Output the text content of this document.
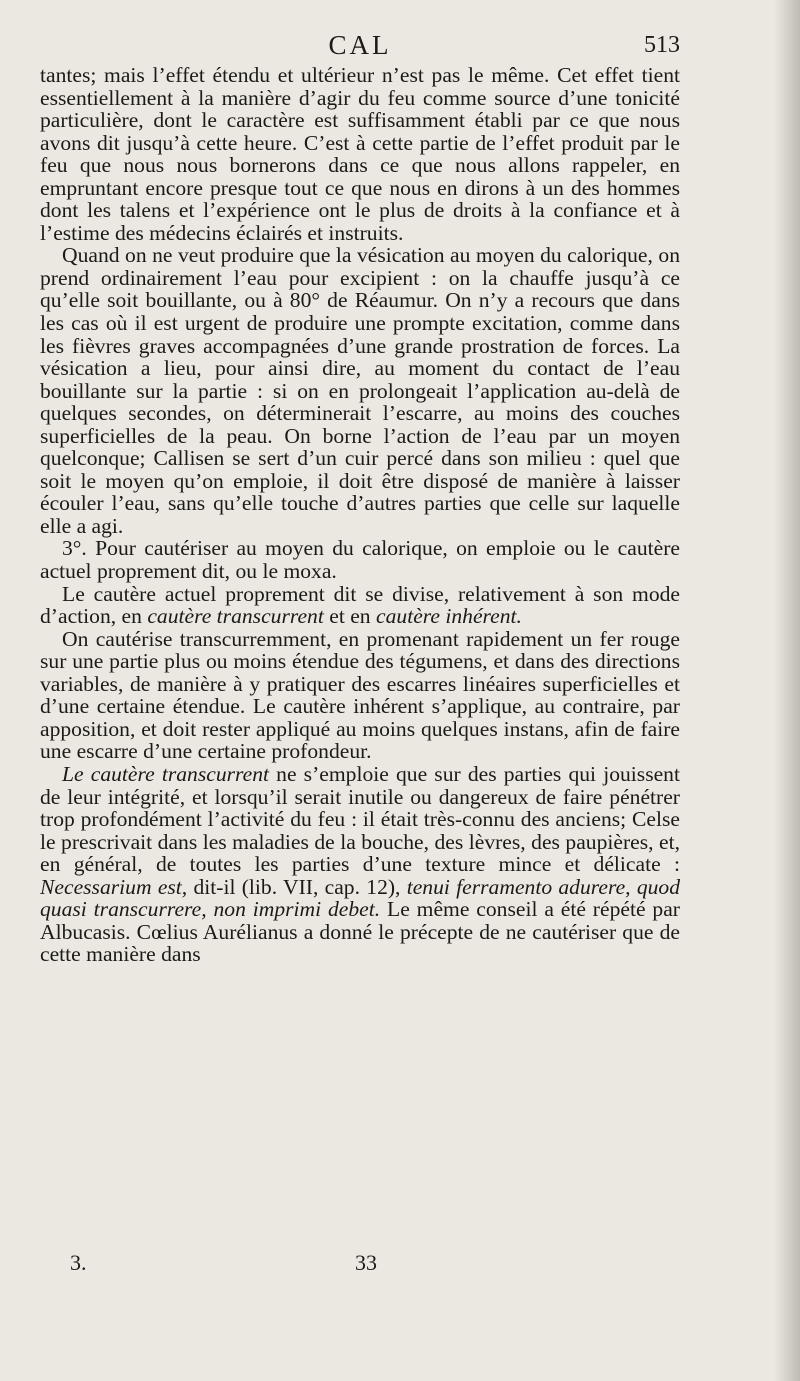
CAL	513

tantes; mais l’effet étendu et ultérieur n’est pas le même. Cet effet tient essentiellement à la manière d’agir du feu comme source d’une tonicité particulière, dont le caractère est suffisamment établi par ce que nous avons dit jusqu’à cette heure. C’est à cette partie de l’effet produit par le feu que nous nous bornerons dans ce que nous allons rappeler, en empruntant encore presque tout ce que nous en dirons à un des hommes dont les talens et l’expérience ont le plus de droits à la confiance et à l’estime des médecins éclairés et instruits.

Quand on ne veut produire que la vésication au moyen du calorique, on prend ordinairement l’eau pour excipient : on la chauffe jusqu’à ce qu’elle soit bouillante, ou à 80° de Réaumur. On n’y a recours que dans les cas où il est urgent de produire une prompte excitation, comme dans les fièvres graves accompagnées d’une grande prostration de forces. La vésication a lieu, pour ainsi dire, au moment du contact de l’eau bouillante sur la partie : si on en prolongeait l’application au-delà de quelques secondes, on déterminerait l’escarre, au moins des couches superficielles de la peau. On borne l’action de l’eau par un moyen quelconque; Callisen se sert d’un cuir percé dans son milieu : quel que soit le moyen qu’on emploie, il doit être disposé de manière à laisser écouler l’eau, sans qu’elle touche d’autres parties que celle sur laquelle elle a agi.

3°. Pour cautériser au moyen du calorique, on emploie ou le cautère actuel proprement dit, ou le moxa.

Le cautère actuel proprement dit se divise, relativement à son mode d’action, en cautère transcurrent et en cautère inhérent.

On cautérise transcurremment, en promenant rapidement un fer rouge sur une partie plus ou moins étendue des tégumens, et dans des directions variables, de manière à y pratiquer des escarres linéaires superficielles et d’une certaine étendue. Le cautère inhérent s’applique, au contraire, par apposition, et doit rester appliqué au moins quelques instans, afin de faire une escarre d’une certaine profondeur.

Le cautère transcurrent ne s’emploie que sur des parties qui jouissent de leur intégrité, et lorsqu’il serait inutile ou dangereux de faire pénétrer trop profondément l’activité du feu : il était très-connu des anciens; Celse le prescrivait dans les maladies de la bouche, des lèvres, des paupières, et, en général, de toutes les parties d’une texture mince et délicate : Necessarium est, dit-il (lib. VII, cap. 12), tenui ferramento adurere, quod quasi transcurrere, non imprimi debet. Le même conseil a été répété par Albucasis. Cœlius Aurélianus a donné le précepte de ne cautériser que de cette manière dans

3.	33
